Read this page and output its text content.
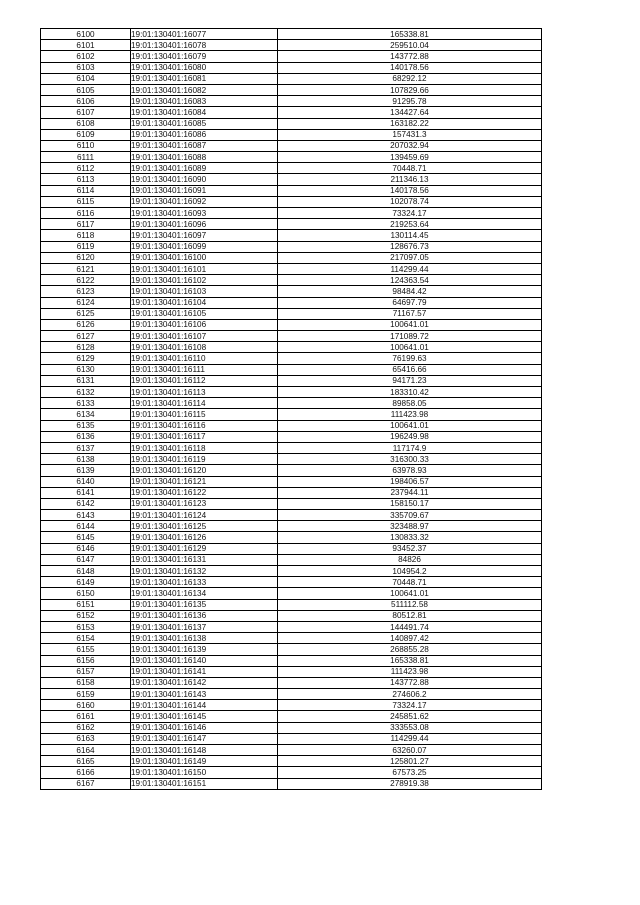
6100	19:01:130401:16077	165338.81
6101	19:01:130401:16078	259510.04
6102	19:01:130401:16079	143772.88
6103	19:01:130401:16080	140178.56
6104	19:01:130401:16081	68292.12
6105	19:01:130401:16082	107829.66
6106	19:01:130401:16083	91295.78
6107	19:01:130401:16084	134427.64
6108	19:01:130401:16085	163182.22
6109	19:01:130401:16086	157431.3
6110	19:01:130401:16087	207032.94
6111	19:01:130401:16088	139459.69
6112	19:01:130401:16089	70448.71
6113	19:01:130401:16090	211346.13
6114	19:01:130401:16091	140178.56
6115	19:01:130401:16092	102078.74
6116	19:01:130401:16093	73324.17
6117	19:01:130401:16096	219253.64
6118	19:01:130401:16097	130114.45
6119	19:01:130401:16099	128676.73
6120	19:01:130401:16100	217097.05
6121	19:01:130401:16101	114299.44
6122	19:01:130401:16102	124363.54
6123	19:01:130401:16103	98484.42
6124	19:01:130401:16104	64697.79
6125	19:01:130401:16105	71167.57
6126	19:01:130401:16106	100641.01
6127	19:01:130401:16107	171089.72
6128	19:01:130401:16108	100641.01
6129	19:01:130401:16110	76199.63
6130	19:01:130401:16111	65416.66
6131	19:01:130401:16112	94171.23
6132	19:01:130401:16113	183310.42
6133	19:01:130401:16114	89858.05
6134	19:01:130401:16115	111423.98
6135	19:01:130401:16116	100641.01
6136	19:01:130401:16117	196249.98
6137	19:01:130401:16118	117174.9
6138	19:01:130401:16119	316300.33
6139	19:01:130401:16120	63978.93
6140	19:01:130401:16121	198406.57
6141	19:01:130401:16122	237944.11
6142	19:01:130401:16123	158150.17
6143	19:01:130401:16124	335709.67
6144	19:01:130401:16125	323488.97
6145	19:01:130401:16126	130833.32
6146	19:01:130401:16129	93452.37
6147	19:01:130401:16131	84826
6148	19:01:130401:16132	104954.2
6149	19:01:130401:16133	70448.71
6150	19:01:130401:16134	100641.01
6151	19:01:130401:16135	511112.58
6152	19:01:130401:16136	80512.81
6153	19:01:130401:16137	144491.74
6154	19:01:130401:16138	140897.42
6155	19:01:130401:16139	268855.28
6156	19:01:130401:16140	165338.81
6157	19:01:130401:16141	111423.98
6158	19:01:130401:16142	143772.88
6159	19:01:130401:16143	274606.2
6160	19:01:130401:16144	73324.17
6161	19:01:130401:16145	245851.62
6162	19:01:130401:16146	333553.08
6163	19:01:130401:16147	114299.44
6164	19:01:130401:16148	63260.07
6165	19:01:130401:16149	125801.27
6166	19:01:130401:16150	67573.25
6167	19:01:130401:16151	278919.38
